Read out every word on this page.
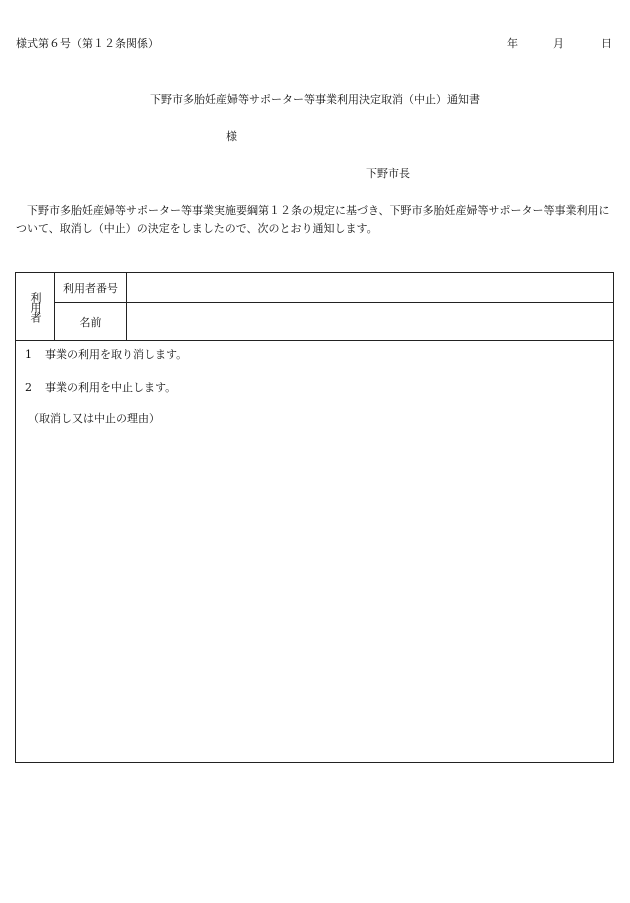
様式第６号（第１２条関係）	年	月	日
下野市多胎妊産婦等サポーター等事業利用決定取消（中止）通知書
様
下野市長
下野市多胎妊産婦等サポーター等事業実施要綱第１２条の規定に基づき、下野市多胎妊産婦等サポーター等事業利用について、取消し（中止）の決定をしましたので、次のとおり通知します。
利用者
利用者番号
名前
1 事業の利用を取り消します。
2 事業の利用を中止します。
（取消し又は中止の理由）
